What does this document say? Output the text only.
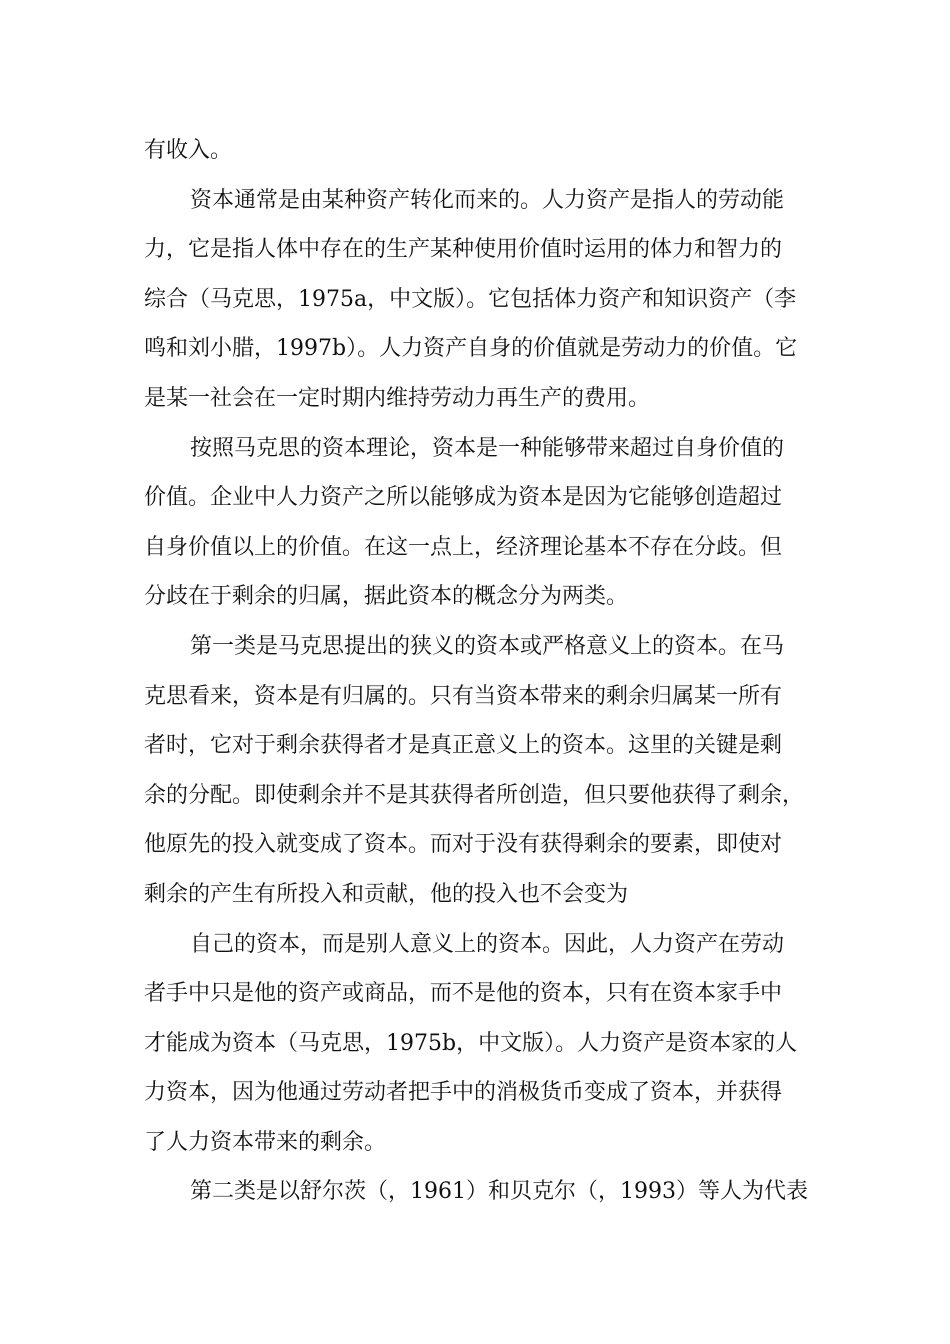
有收入。
资本通常是由某种资产转化而来的。人力资产是指人的劳动能
力，它是指人体中存在的生产某种使用价值时运用的体力和智力的
综合（马克思，1975a，中文版）。它包括体力资产和知识资产（李
鸣和刘小腊，1997b）。人力资产自身的价值就是劳动力的价值。它
是某一社会在一定时期内维持劳动力再生产的费用。
按照马克思的资本理论，资本是一种能够带来超过自身价值的
价值。企业中人力资产之所以能够成为资本是因为它能够创造超过
自身价值以上的价值。在这一点上，经济理论基本不存在分歧。但
分歧在于剩余的归属，据此资本的概念分为两类。
第一类是马克思提出的狭义的资本或严格意义上的资本。在马
克思看来，资本是有归属的。只有当资本带来的剩余归属某一所有
者时，它对于剩余获得者才是真正意义上的资本。这里的关键是剩
余的分配。即使剩余并不是其获得者所创造，但只要他获得了剩余，
他原先的投入就变成了资本。而对于没有获得剩余的要素，即使对
剩余的产生有所投入和贡献，他的投入也不会变为
自己的资本，而是别人意义上的资本。因此，人力资产在劳动
者手中只是他的资产或商品，而不是他的资本，只有在资本家手中
才能成为资本（马克思，1975b，中文版）。人力资产是资本家的人
力资本，因为他通过劳动者把手中的消极货币变成了资本，并获得
了人力资本带来的剩余。
第二类是以舒尔茨（，1961）和贝克尔（，1993）等人为代表
